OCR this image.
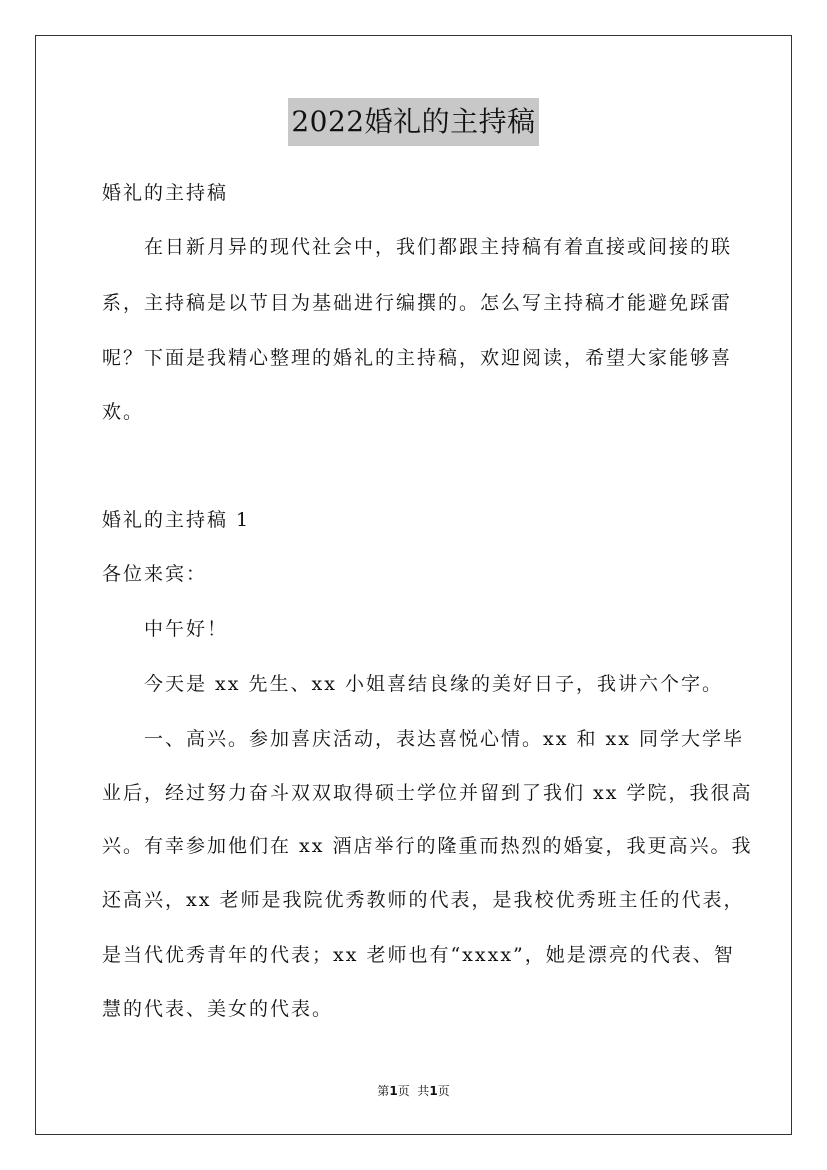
2022婚礼的主持稿
婚礼的主持稿
在日新月异的现代社会中，我们都跟主持稿有着直接或间接的联
系，主持稿是以节目为基础进行编撰的。怎么写主持稿才能避免踩雷
呢？下面是我精心整理的婚礼的主持稿，欢迎阅读，希望大家能够喜
欢。
婚礼的主持稿 1
各位来宾：
中午好！
今天是 xx 先生、xx 小姐喜结良缘的美好日子，我讲六个字。
一、高兴。参加喜庆活动，表达喜悦心情。xx 和 xx 同学大学毕
业后，经过努力奋斗双双取得硕士学位并留到了我们 xx 学院，我很高
兴。有幸参加他们在 xx 酒店举行的隆重而热烈的婚宴，我更高兴。我
还高兴，xx 老师是我院优秀教师的代表，是我校优秀班主任的代表，
是当代优秀青年的代表；xx 老师也有“xxxx”，她是漂亮的代表、智
慧的代表、美女的代表。
第1页  共1页
